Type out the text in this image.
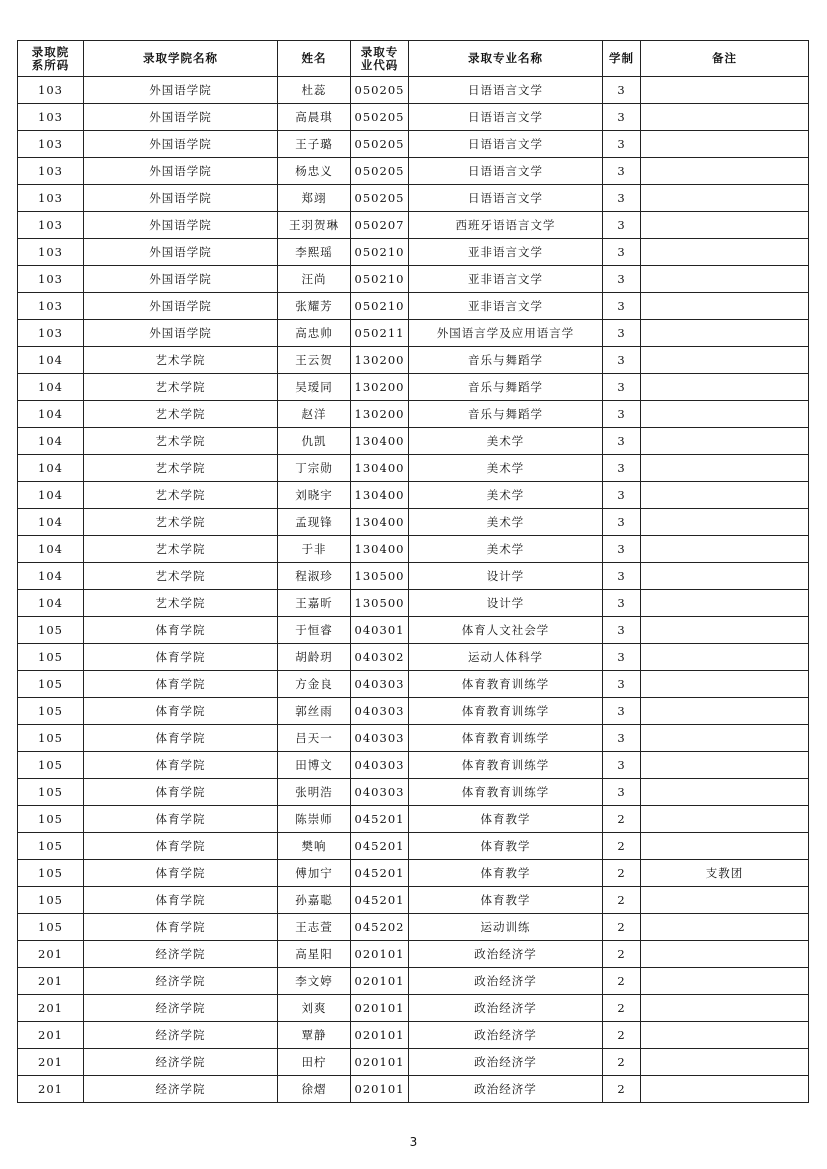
录取院系所码	录取学院名称	姓名	录取专业代码	录取专业名称	学制	备注
103	外国语学院	杜蕊	050205	日语语言文学	3	
103	外国语学院	高晨琪	050205	日语语言文学	3	
103	外国语学院	王子璐	050205	日语语言文学	3	
103	外国语学院	杨忠义	050205	日语语言文学	3	
103	外国语学院	郑翊	050205	日语语言文学	3	
103	外国语学院	王羽贺琳	050207	西班牙语语言文学	3	
103	外国语学院	李熙瑶	050210	亚非语言文学	3	
103	外国语学院	汪尚	050210	亚非语言文学	3	
103	外国语学院	张耀芳	050210	亚非语言文学	3	
103	外国语学院	高忠帅	050211	外国语言学及应用语言学	3	
104	艺术学院	王云贺	130200	音乐与舞蹈学	3	
104	艺术学院	吴瑷同	130200	音乐与舞蹈学	3	
104	艺术学院	赵洋	130200	音乐与舞蹈学	3	
104	艺术学院	仇凯	130400	美术学	3	
104	艺术学院	丁宗勋	130400	美术学	3	
104	艺术学院	刘晓宇	130400	美术学	3	
104	艺术学院	孟现锋	130400	美术学	3	
104	艺术学院	于非	130400	美术学	3	
104	艺术学院	程淑珍	130500	设计学	3	
104	艺术学院	王嘉昕	130500	设计学	3	
105	体育学院	于恒睿	040301	体育人文社会学	3	
105	体育学院	胡龄玥	040302	运动人体科学	3	
105	体育学院	方金良	040303	体育教育训练学	3	
105	体育学院	郭丝雨	040303	体育教育训练学	3	
105	体育学院	吕天一	040303	体育教育训练学	3	
105	体育学院	田博文	040303	体育教育训练学	3	
105	体育学院	张明浩	040303	体育教育训练学	3	
105	体育学院	陈崇师	045201	体育教学	2	
105	体育学院	樊响	045201	体育教学	2	
105	体育学院	傅加宁	045201	体育教学	2	支教团
105	体育学院	孙嘉聪	045201	体育教学	2	
105	体育学院	王志萱	045202	运动训练	2	
201	经济学院	高星阳	020101	政治经济学	2	
201	经济学院	李文婷	020101	政治经济学	2	
201	经济学院	刘爽	020101	政治经济学	2	
201	经济学院	覃静	020101	政治经济学	2	
201	经济学院	田柠	020101	政治经济学	2	
201	经济学院	徐熠	020101	政治经济学	2	
3
